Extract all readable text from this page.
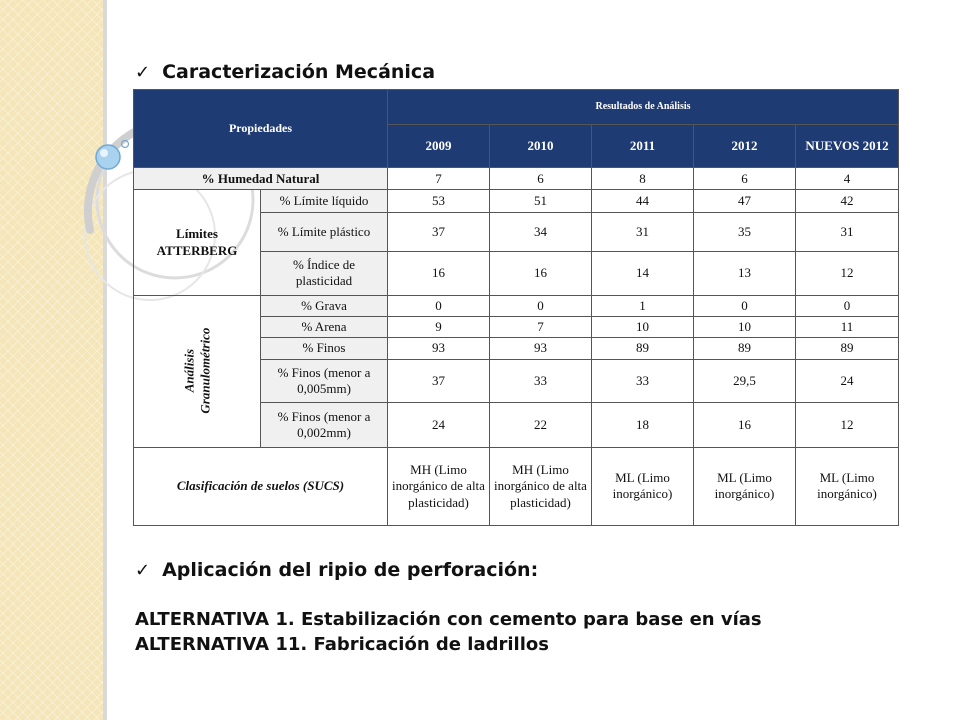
✓ Caracterización Mecánica
Propiedades		Resultados de Análisis				
		2009	2010	2011	2012	NUEVOS 2012
% Humedad Natural		7	6	8	6	4
Límites ATTERBERG	% Límite líquido	53	51	44	47	42
	% Límite plástico	37	34	31	35	31
	% Índice de plasticidad	16	16	14	13	12
Análisis
Granulométrico	% Grava	0	0	1	0	0
	% Arena	9	7	10	10	11
	% Finos	93	93	89	89	89
	% Finos (menor a 0,005mm)	37	33	33	29,5	24
	% Finos (menor a 0,002mm)	24	22	18	16	12
Clasificación de suelos (SUCS)		MH (Limo inorgánico de alta plasticidad)	MH (Limo inorgánico de alta plasticidad)	ML (Limo inorgánico)	ML (Limo inorgánico)	ML (Limo inorgánico)
✓ Aplicación del ripio de perforación:
ALTERNATIVA 1. Estabilización con cemento para base en vías
ALTERNATIVA 11. Fabricación de ladrillos
